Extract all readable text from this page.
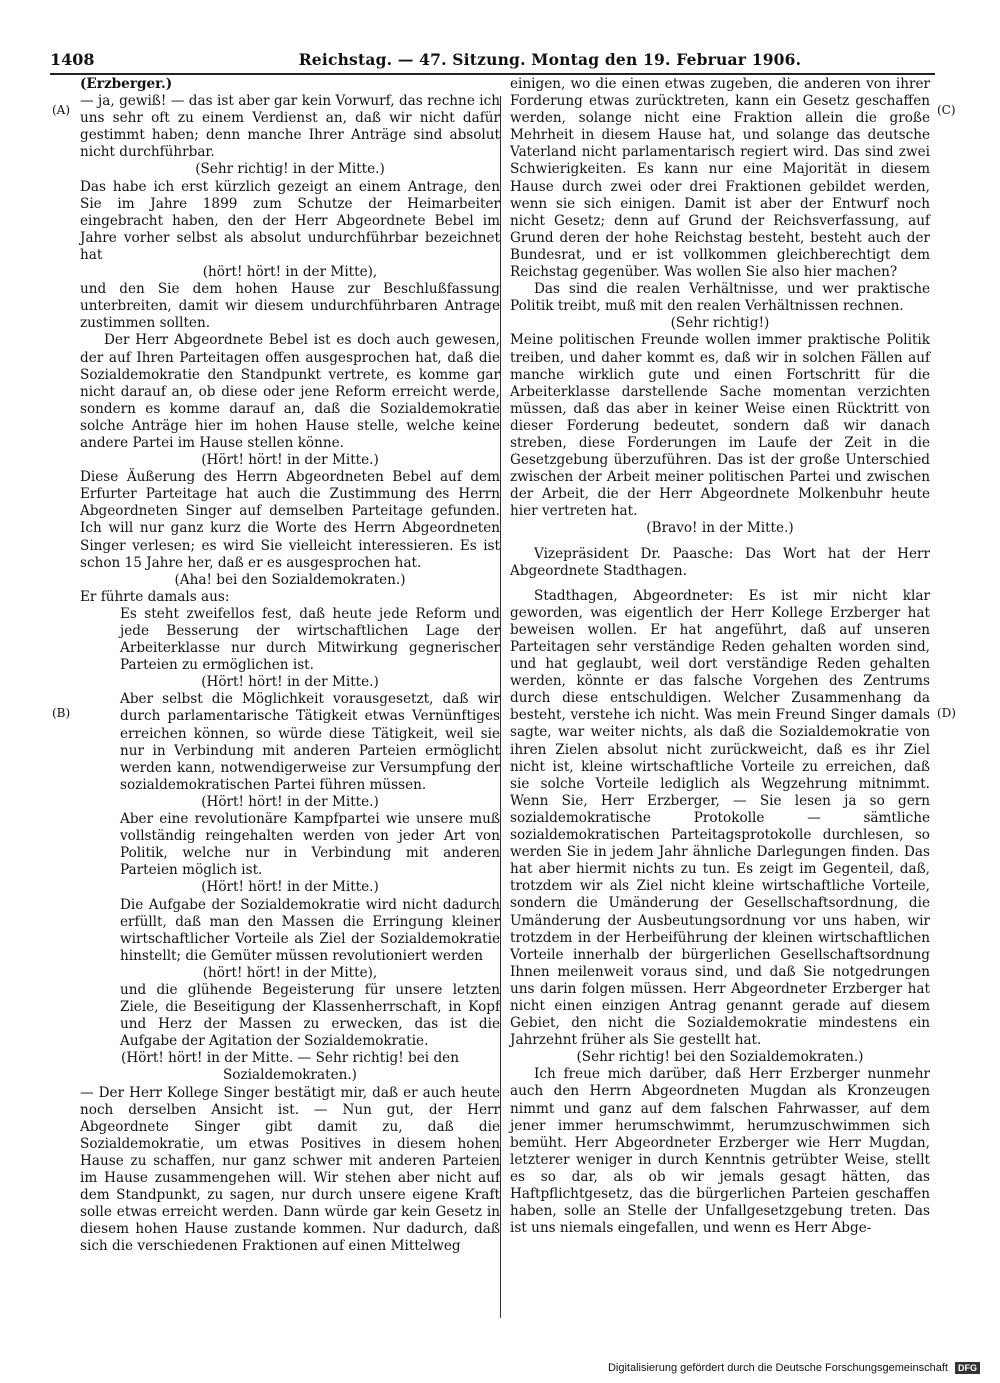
1408	Reichstag. — 47. Sitzung. Montag den 19. Februar 1906.
(A)
(B)
(C)
(D)

(Erzberger.)

— ja, gewiß! — das ist aber gar kein Vorwurf, das rechne ich uns sehr oft zu einem Verdienst an, daß wir nicht dafür gestimmt haben; denn manche Ihrer Anträge sind absolut nicht durchführbar.

(Sehr richtig! in der Mitte.)

Das habe ich erst kürzlich gezeigt an einem Antrage, den Sie im Jahre 1899 zum Schutze der Heimarbeiter eingebracht haben, den der Herr Abgeordnete Bebel im Jahre vorher selbst als absolut undurchführbar bezeichnet hat

(hört! hört! in der Mitte),

und den Sie dem hohen Hause zur Beschlußfassung unterbreiten, damit wir diesem undurchführbaren Antrage zustimmen sollten.

Der Herr Abgeordnete Bebel ist es doch auch gewesen, der auf Ihren Parteitagen offen ausgesprochen hat, daß die Sozialdemokratie den Standpunkt vertrete, es komme gar nicht darauf an, ob diese oder jene Reform erreicht werde, sondern es komme darauf an, daß die Sozialdemokratie solche Anträge hier im hohen Hause stelle, welche keine andere Partei im Hause stellen könne.

(Hört! hört! in der Mitte.)

Diese Äußerung des Herrn Abgeordneten Bebel auf dem Erfurter Parteitage hat auch die Zustimmung des Herrn Abgeordneten Singer auf demselben Parteitage gefunden. Ich will nur ganz kurz die Worte des Herrn Abgeordneten Singer verlesen; es wird Sie vielleicht interessieren. Es ist schon 15 Jahre her, daß er es ausgesprochen hat.

(Aha! bei den Sozialdemokraten.)

Er führte damals aus:

Es steht zweifellos fest, daß heute jede Reform und jede Besserung der wirtschaftlichen Lage der Arbeiterklasse nur durch Mitwirkung gegnerischer Parteien zu ermöglichen ist.

(Hört! hört! in der Mitte.)

Aber selbst die Möglichkeit vorausgesetzt, daß wir durch parlamentarische Tätigkeit etwas Vernünftiges erreichen können, so würde diese Tätigkeit, weil sie nur in Verbindung mit anderen Parteien ermöglicht werden kann, notwendigerweise zur Versumpfung der sozialdemokratischen Partei führen müssen.

(Hört! hört! in der Mitte.)

Aber eine revolutionäre Kampfpartei wie unsere muß vollständig reingehalten werden von jeder Art von Politik, welche nur in Verbindung mit anderen Parteien möglich ist.

(Hört! hört! in der Mitte.)

Die Aufgabe der Sozialdemokratie wird nicht dadurch erfüllt, daß man den Massen die Erringung kleiner wirtschaftlicher Vorteile als Ziel der Sozialdemokratie hinstellt; die Gemüter müssen revolutioniert werden

(hört! hört! in der Mitte),

und die glühende Begeisterung für unsere letzten Ziele, die Beseitigung der Klassenherrschaft, in Kopf und Herz der Massen zu erwecken, das ist die Aufgabe der Agitation der Sozialdemokratie.

(Hört! hört! in der Mitte. — Sehr richtig! bei den Sozialdemokraten.)

— Der Herr Kollege Singer bestätigt mir, daß er auch heute noch derselben Ansicht ist. — Nun gut, der Herr Abgeordnete Singer gibt damit zu, daß die Sozialdemokratie, um etwas Positives in diesem hohen Hause zu schaffen, nur ganz schwer mit anderen Parteien im Hause zusammengehen will. Wir stehen aber nicht auf dem Standpunkt, zu sagen, nur durch unsere eigene Kraft solle etwas erreicht werden. Dann würde gar kein Gesetz in diesem hohen Hause zustande kommen. Nur dadurch, daß sich die verschiedenen Fraktionen auf einen Mittelweg

einigen, wo die einen etwas zugeben, die anderen von ihrer Forderung etwas zurücktreten, kann ein Gesetz geschaffen werden, solange nicht eine Fraktion allein die große Mehrheit in diesem Hause hat, und solange das deutsche Vaterland nicht parlamentarisch regiert wird. Das sind zwei Schwierigkeiten. Es kann nur eine Majorität in diesem Hause durch zwei oder drei Fraktionen gebildet werden, wenn sie sich einigen. Damit ist aber der Entwurf noch nicht Gesetz; denn auf Grund der Reichsverfassung, auf Grund deren der hohe Reichstag besteht, besteht auch der Bundesrat, und er ist vollkommen gleichberechtigt dem Reichstag gegenüber. Was wollen Sie also hier machen?

Das sind die realen Verhältnisse, und wer praktische Politik treibt, muß mit den realen Verhältnissen rechnen.

(Sehr richtig!)

Meine politischen Freunde wollen immer praktische Politik treiben, und daher kommt es, daß wir in solchen Fällen auf manche wirklich gute und einen Fortschritt für die Arbeiterklasse darstellende Sache momentan verzichten müssen, daß das aber in keiner Weise einen Rücktritt von dieser Forderung bedeutet, sondern daß wir danach streben, diese Forderungen im Laufe der Zeit in die Gesetzgebung überzuführen. Das ist der große Unterschied zwischen der Arbeit meiner politischen Partei und zwischen der Arbeit, die der Herr Abgeordnete Molkenbuhr heute hier vertreten hat.

(Bravo! in der Mitte.)

Vizepräsident Dr. Paasche: Das Wort hat der Herr Abgeordnete Stadthagen.

Stadthagen, Abgeordneter: Es ist mir nicht klar geworden, was eigentlich der Herr Kollege Erzberger hat beweisen wollen. Er hat angeführt, daß auf unseren Parteitagen sehr verständige Reden gehalten worden sind, und hat geglaubt, weil dort verständige Reden gehalten werden, könnte er das falsche Vorgehen des Zentrums durch diese entschuldigen. Welcher Zusammenhang da besteht, verstehe ich nicht. Was mein Freund Singer damals sagte, war weiter nichts, als daß die Sozialdemokratie von ihren Zielen absolut nicht zurückweicht, daß es ihr Ziel nicht ist, kleine wirtschaftliche Vorteile zu erreichen, daß sie solche Vorteile lediglich als Wegzehrung mitnimmt. Wenn Sie, Herr Erzberger, — Sie lesen ja so gern sozialdemokratische Protokolle — sämtliche sozialdemokratischen Parteitagsprotokolle durchlesen, so werden Sie in jedem Jahr ähnliche Darlegungen finden. Das hat aber hiermit nichts zu tun. Es zeigt im Gegenteil, daß, trotzdem wir als Ziel nicht kleine wirtschaftliche Vorteile, sondern die Umänderung der Gesellschaftsordnung, die Umänderung der Ausbeutungsordnung vor uns haben, wir trotzdem in der Herbeiführung der kleinen wirtschaftlichen Vorteile innerhalb der bürgerlichen Gesellschaftsordnung Ihnen meilenweit voraus sind, und daß Sie notgedrungen uns darin folgen müssen. Herr Abgeordneter Erzberger hat nicht einen einzigen Antrag genannt gerade auf diesem Gebiet, den nicht die Sozialdemokratie mindestens ein Jahrzehnt früher als Sie gestellt hat.

(Sehr richtig! bei den Sozialdemokraten.)

Ich freue mich darüber, daß Herr Erzberger nunmehr auch den Herrn Abgeordneten Mugdan als Kronzeugen nimmt und ganz auf dem falschen Fahrwasser, auf dem jener immer herumschwimmt, herumzuschwimmen sich bemüht. Herr Abgeordneter Erzberger wie Herr Mugdan, letzterer weniger in durch Kenntnis getrübter Weise, stellt es so dar, als ob wir jemals gesagt hätten, das Haftpflichtgesetz, das die bürgerlichen Parteien geschaffen haben, solle an Stelle der Unfallgesetzgebung treten. Das ist uns niemals eingefallen, und wenn es Herr Abge-

Digitalisierung gefördert durch die Deutsche Forschungsgemeinschaft DFG
